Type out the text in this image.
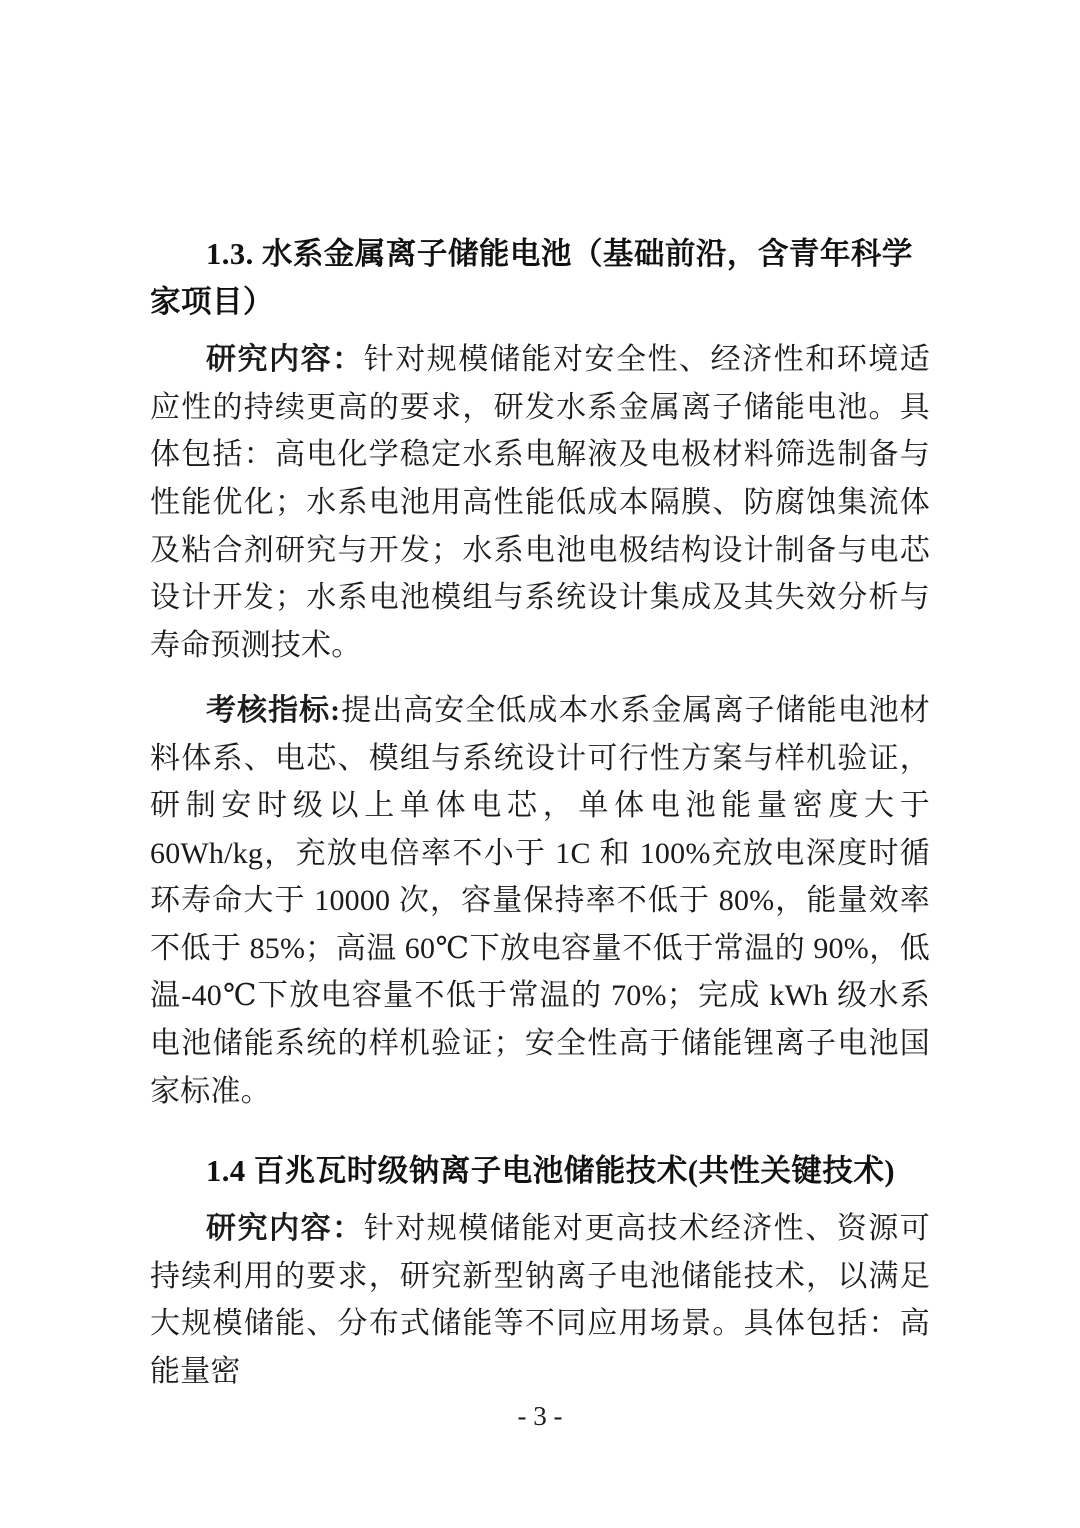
1.3. 水系金属离子储能电池（基础前沿，含青年科学家项目）

研究内容：针对规模储能对安全性、经济性和环境适应性的持续更高的要求，研发水系金属离子储能电池。具体包括：高电化学稳定水系电解液及电极材料筛选制备与性能优化；水系电池用高性能低成本隔膜、防腐蚀集流体及粘合剂研究与开发；水系电池电极结构设计制备与电芯设计开发；水系电池模组与系统设计集成及其失效分析与寿命预测技术。

考核指标:提出高安全低成本水系金属离子储能电池材料体系、电芯、模组与系统设计可行性方案与样机验证，研制安时级以上单体电芯，单体电池能量密度大于60Wh/kg，充放电倍率不小于 1C 和 100%充放电深度时循环寿命大于 10000 次，容量保持率不低于 80%，能量效率不低于 85%；高温 60℃下放电容量不低于常温的 90%，低温-40℃下放电容量不低于常温的 70%；完成 kWh 级水系电池储能系统的样机验证；安全性高于储能锂离子电池国家标准。

1.4 百兆瓦时级钠离子电池储能技术(共性关键技术)

研究内容：针对规模储能对更高技术经济性、资源可持续利用的要求，研究新型钠离子电池储能技术，以满足大规模储能、分布式储能等不同应用场景。具体包括：高能量密

- 3 -
